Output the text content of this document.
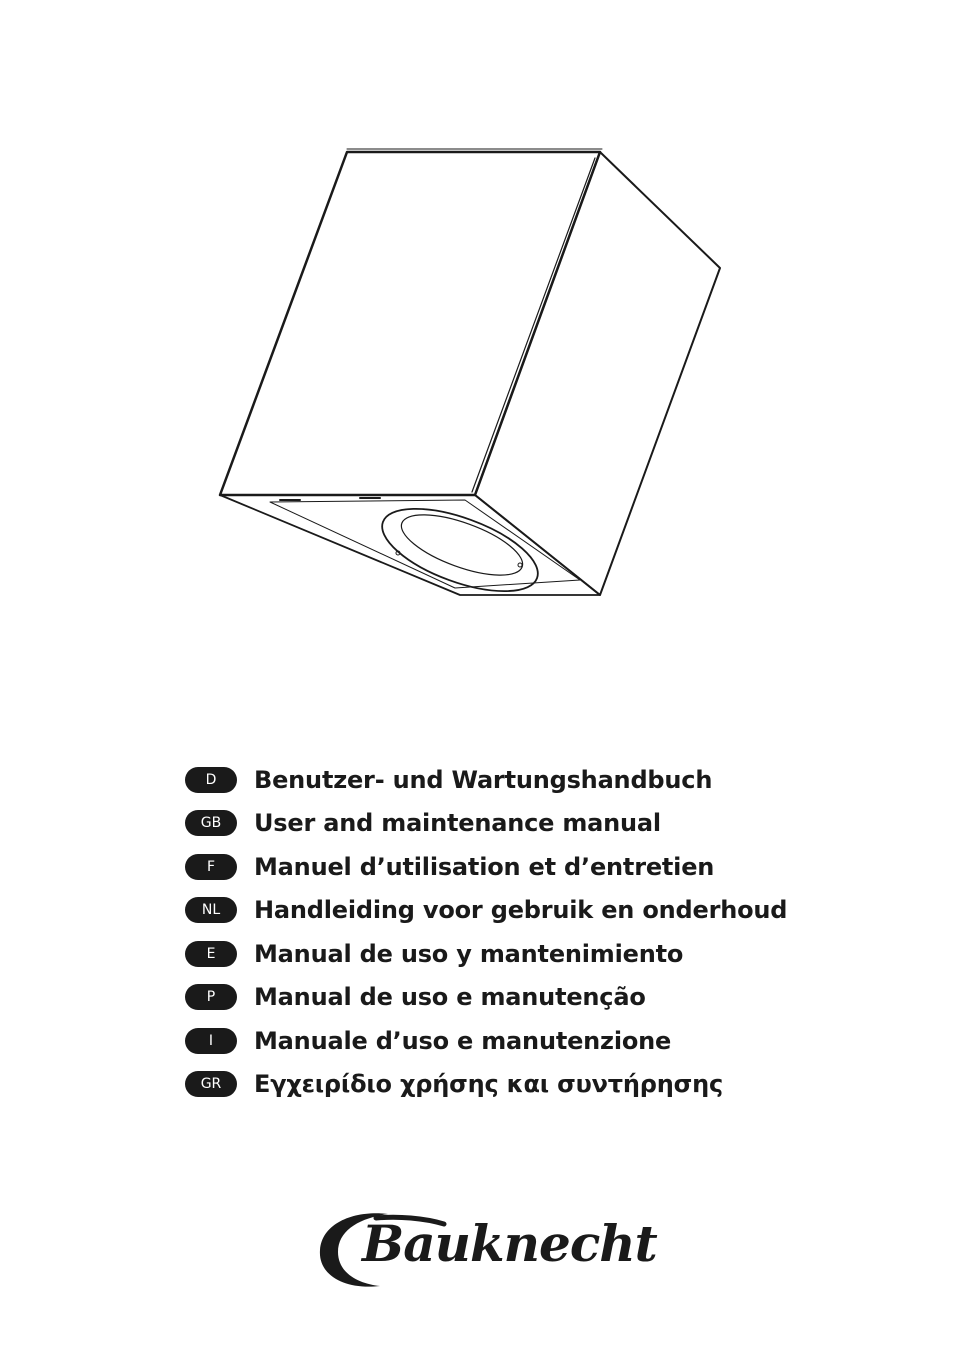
D	Benutzer- und Wartungshandbuch
GB	User and maintenance manual
F	Manuel d’utilisation et d’entretien
NL	Handleiding voor gebruik en onderhoud
E	Manual de uso y mantenimiento
P	Manual de uso e manutenção
I	Manuale d’uso e manutenzione
GR	Εγχειρίδιο χρήσης και συντήρησης
Bauknecht
